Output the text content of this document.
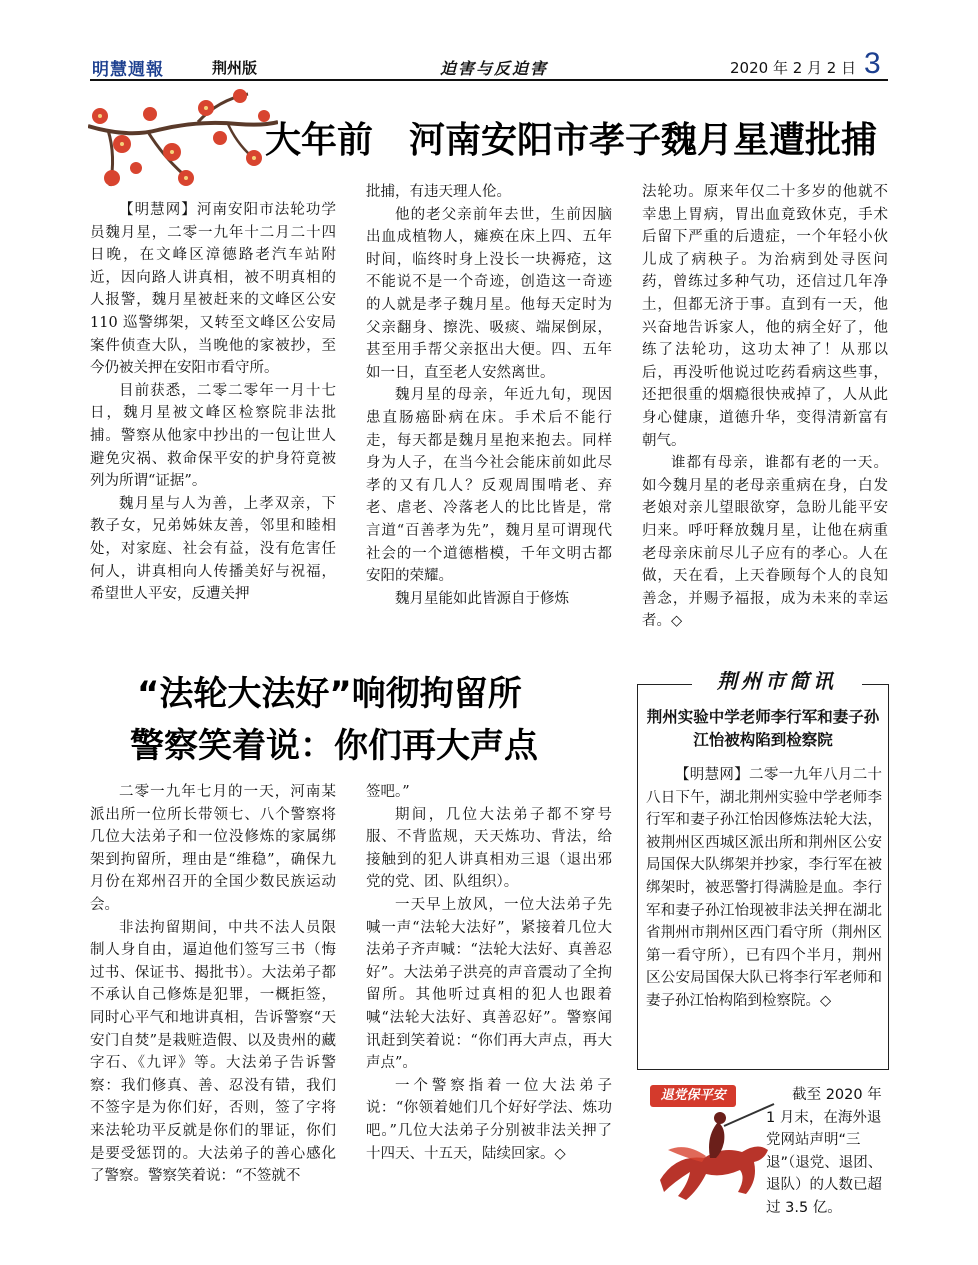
明慧週報	荆州版	迫害与反迫害	2020 年 2 月 2 日 3
大年前 河南安阳市孝子魏月星遭批捕

【明慧网】河南安阳市法轮功学员魏月星，二零一九年十二月二十四日晚，在文峰区漳德路老汽车站附近，因向路人讲真相，被不明真相的人报警，魏月星被赶来的文峰区公安 110 巡警绑架，又转至文峰区公安局案件侦查大队，当晚他的家被抄，至今仍被关押在安阳市看守所。

目前获悉，二零二零年一月十七日，魏月星被文峰区检察院非法批捕。警察从他家中抄出的一包让世人避免灾祸、救命保平安的护身符竟被列为所谓“证据”。

魏月星与人为善，上孝双亲，下教子女，兄弟姊妹友善，邻里和睦相处，对家庭、社会有益，没有危害任何人，讲真相向人传播美好与祝福，希望世人平安，反遭关押

批捕，有违天理人伦。

他的老父亲前年去世，生前因脑出血成植物人，瘫痪在床上四、五年时间，临终时身上没长一块褥疮，这不能说不是一个奇迹，创造这一奇迹的人就是孝子魏月星。他每天定时为父亲翻身、擦洗、吸痰、端屎倒尿，甚至用手帮父亲抠出大便。四、五年如一日，直至老人安然离世。

魏月星的母亲，年近九旬，现因患直肠癌卧病在床。手术后不能行走，每天都是魏月星抱来抱去。同样身为人子，在当今社会能床前如此尽孝的又有几人？反观周围啃老、弃老、虐老、冷落老人的比比皆是，常言道“百善孝为先”，魏月星可谓现代社会的一个道德楷模，千年文明古都安阳的荣耀。

魏月星能如此皆源自于修炼

法轮功。原来年仅二十多岁的他就不幸患上胃病，胃出血竟致休克，手术后留下严重的后遗症，一个年轻小伙儿成了病秧子。为治病到处寻医问药，曾练过多种气功，还信过几年净土，但都无济于事。直到有一天，他兴奋地告诉家人，他的病全好了，他练了法轮功，这功太神了！从那以后，再没听他说过吃药看病这些事，还把很重的烟瘾很快戒掉了，人从此身心健康，道德升华，变得清新富有朝气。

谁都有母亲，谁都有老的一天。如今魏月星的老母亲重病在身，白发老娘对亲儿望眼欲穿，急盼儿能平安归来。呼吁释放魏月星，让他在病重老母亲床前尽儿子应有的孝心。人在做，天在看，上天眷顾每个人的良知善念，并赐予福报，成为未来的幸运者。◇

“法轮大法好”响彻拘留所
警察笑着说：你们再大声点

二零一九年七月的一天，河南某派出所一位所长带领七、八个警察将几位大法弟子和一位没修炼的家属绑架到拘留所，理由是“维稳”，确保九月份在郑州召开的全国少数民族运动会。

非法拘留期间，中共不法人员限制人身自由，逼迫他们签写三书（悔过书、保证书、揭批书）。大法弟子都不承认自己修炼是犯罪，一概拒签，同时心平气和地讲真相，告诉警察“天安门自焚”是栽赃造假、以及贵州的藏字石、《九评》等。大法弟子告诉警察：我们修真、善、忍没有错，我们不签字是为你们好，否则，签了字将来法轮功平反就是你们的罪证，你们是要受惩罚的。大法弟子的善心感化了警察。警察笑着说：“不签就不

签吧。”

期间，几位大法弟子都不穿号服、不背监规，天天炼功、背法，给接触到的犯人讲真相劝三退（退出邪党的党、团、队组织）。

一天早上放风，一位大法弟子先喊一声“法轮大法好”，紧接着几位大法弟子齐声喊：“法轮大法好、真善忍好”。大法弟子洪亮的声音震动了全拘留所。其他听过真相的犯人也跟着喊“法轮大法好、真善忍好”。警察闻讯赶到笑着说：“你们再大声点，再大声点”。

一个警察指着一位大法弟子说：“你领着她们几个好好学法、炼功吧。”几位大法弟子分别被非法关押了十四天、十五天，陆续回家。◇

荆州市简讯
荆州实验中学老师李行军和妻子孙江怡被构陷到检察院

【明慧网】二零一九年八月二十八日下午，湖北荆州实验中学老师李行军和妻子孙江怡因修炼法轮大法，被荆州区西城区派出所和荆州区公安局国保大队绑架并抄家，李行军在被绑架时，被恶警打得满脸是血。李行军和妻子孙江怡现被非法关押在湖北省荆州市荆州区西门看守所（荆州区第一看守所），已有四个半月，荆州区公安局国保大队已将李行军老师和妻子孙江怡构陷到检察院。◇

退党保平安	截至 2020 年 1 月末，在海外退党网站声明“三退”（退党、退团、退队）的人数已超过 3.5 亿。
